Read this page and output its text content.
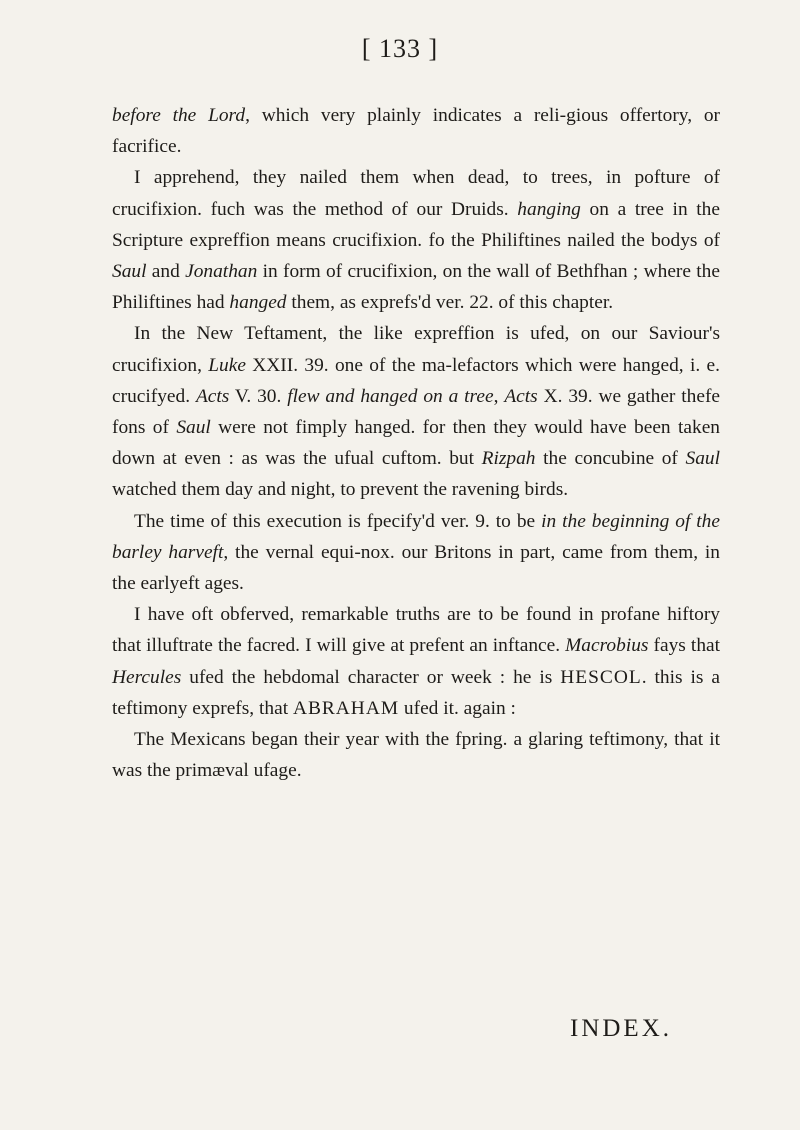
[ 133 ]

before the Lord, which very plainly indicates a reli-gious offertory, or facrifice.

I apprehend, they nailed them when dead, to trees, in pofture of crucifixion. fuch was the method of our Druids. hanging on a tree in the Scripture expreffion means crucifixion. fo the Philiftines nailed the bodys of Saul and Jonathan in form of crucifixion, on the wall of Bethfhan ; where the Philiftines had hanged them, as exprefs'd ver. 22. of this chapter.

In the New Teftament, the like expreffion is ufed, on our Saviour's crucifixion, Luke XXII. 39. one of the ma-lefactors which were hanged, i. e. crucifyed. Acts V. 30. flew and hanged on a tree, Acts X. 39. we gather thefe fons of Saul were not fimply hanged. for then they would have been taken down at even : as was the ufual cuftom. but Rizpah the concubine of Saul watched them day and night, to prevent the ravening birds.

The time of this execution is fpecify'd ver. 9. to be in the beginning of the barley harveft, the vernal equi-nox. our Britons in part, came from them, in the earlyeft ages.

I have oft obferved, remarkable truths are to be found in profane hiftory that illuftrate the facred. I will give at prefent an inftance. Macrobius fays that Hercules ufed the hebdomal character or week : he is HESCOL. this is a teftimony exprefs, that ABRAHAM ufed it. again :

The Mexicans began their year with the fpring. a glaring teftimony, that it was the primæval ufage.

INDEX.
